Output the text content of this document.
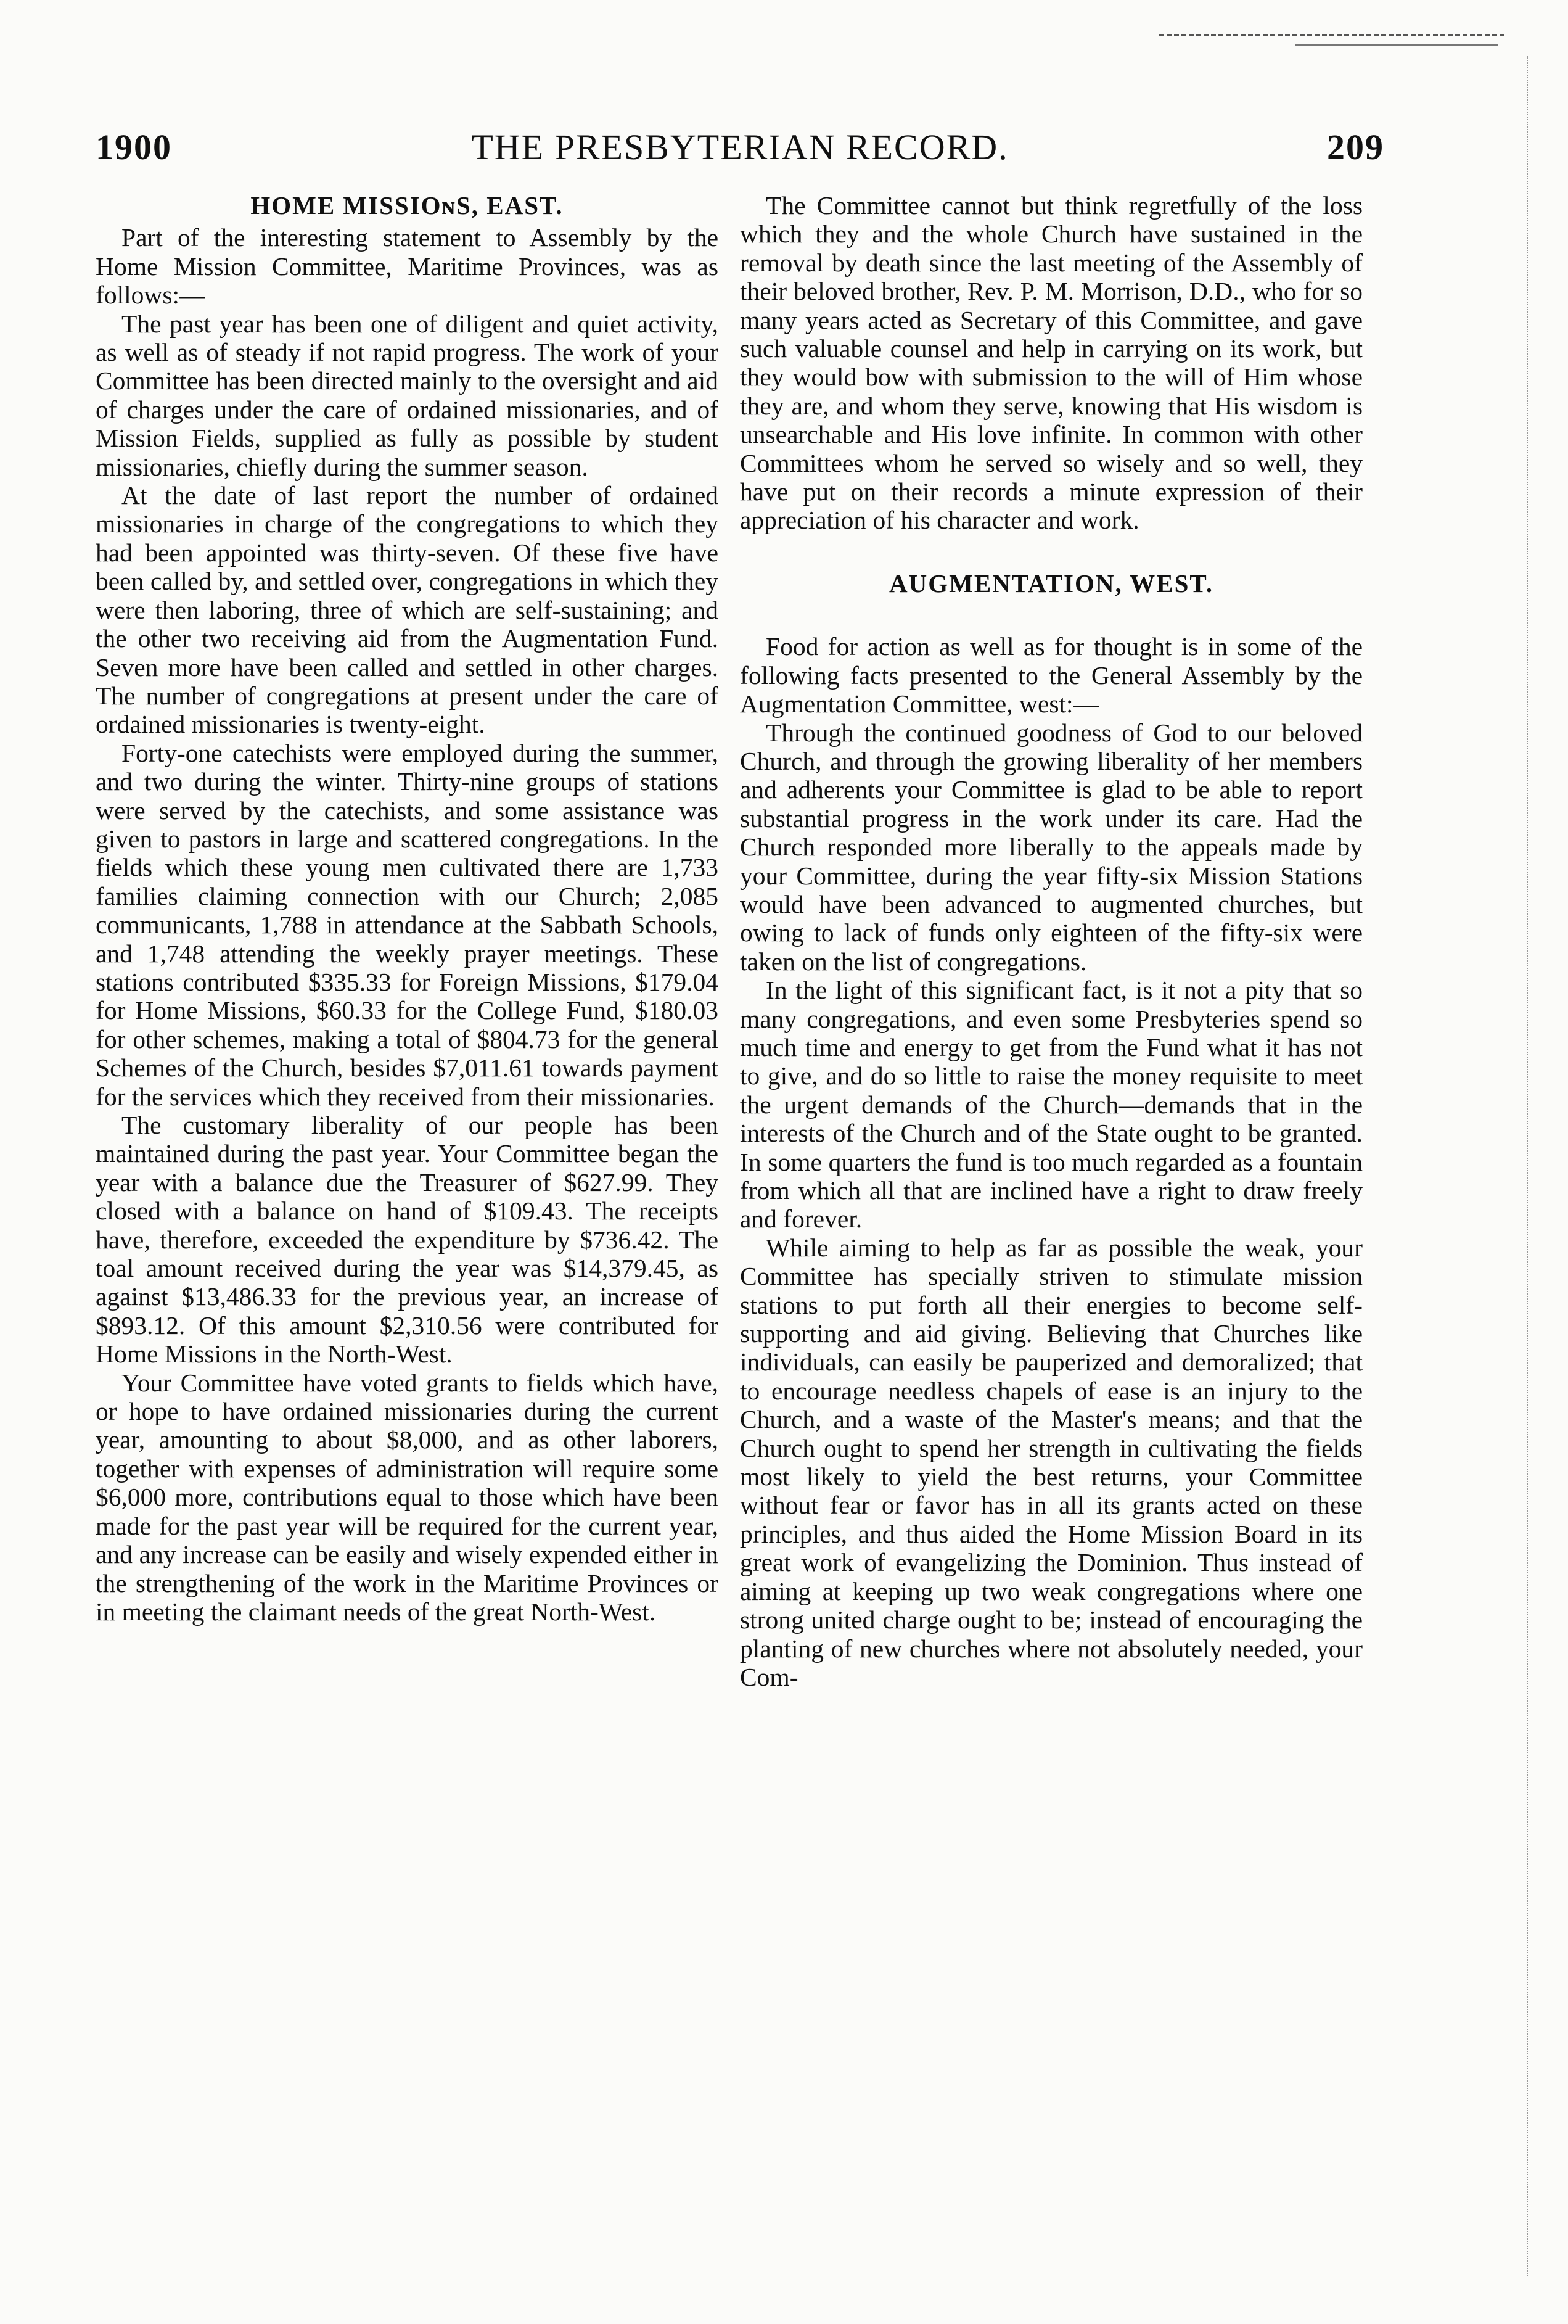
1900	THE PRESBYTERIAN RECORD.	209
HOME MISSIOɴS, EAST.

Part of the interesting statement to Assembly by the Home Mission Committee, Maritime Provinces, was as follows:—

The past year has been one of diligent and quiet activity, as well as of steady if not rapid progress. The work of your Committee has been directed mainly to the oversight and aid of charges under the care of ordained missionaries, and of Mission Fields, supplied as fully as possible by student missionaries, chiefly during the summer season.

At the date of last report the number of ordained missionaries in charge of the congregations to which they had been appointed was thirty-seven. Of these five have been called by, and settled over, congregations in which they were then laboring, three of which are self-sustaining; and the other two receiving aid from the Augmentation Fund. Seven more have been called and settled in other charges. The number of congregations at present under the care of ordained missionaries is twenty-eight.

Forty-one catechists were employed during the summer, and two during the winter. Thirty-nine groups of stations were served by the catechists, and some assistance was given to pastors in large and scattered congregations. In the fields which these young men cultivated there are 1,733 families claiming connection with our Church; 2,085 communicants, 1,788 in attendance at the Sabbath Schools, and 1,748 attending the weekly prayer meetings. These stations contributed $335.33 for Foreign Missions, $179.04 for Home Missions, $60.33 for the College Fund, $180.03 for other schemes, making a total of $804.73 for the general Schemes of the Church, besides $7,011.61 towards payment for the services which they received from their missionaries.

The customary liberality of our people has been maintained during the past year. Your Committee began the year with a balance due the Treasurer of $627.99. They closed with a balance on hand of $109.43. The receipts have, therefore, exceeded the expenditure by $736.42. The toal amount received during the year was $14,379.45, as against $13,486.33 for the previous year, an increase of $893.12. Of this amount $2,310.56 were contributed for Home Missions in the North-West.

Your Committee have voted grants to fields which have, or hope to have ordained missionaries during the current year, amounting to about $8,000, and as other laborers, together with expenses of administration will require some $6,000 more, contributions equal to those which have been made for the past year will be required for the current year, and any increase can be easily and wisely expended either in the strengthening of the work in the Maritime Provinces or in meeting the claimant needs of the great North-West.

The Committee cannot but think regretfully of the loss which they and the whole Church have sustained in the removal by death since the last meeting of the Assembly of their beloved brother, Rev. P. M. Morrison, D.D., who for so many years acted as Secretary of this Committee, and gave such valuable counsel and help in carrying on its work, but they would bow with submission to the will of Him whose they are, and whom they serve, knowing that His wisdom is unsearchable and His love infinite. In common with other Committees whom he served so wisely and so well, they have put on their records a minute expression of their appreciation of his character and work.

AUGMENTATION, WEST.

Food for action as well as for thought is in some of the following facts presented to the General Assembly by the Augmentation Committee, west:—

Through the continued goodness of God to our beloved Church, and through the growing liberality of her members and adherents your Committee is glad to be able to report substantial progress in the work under its care. Had the Church responded more liberally to the appeals made by your Committee, during the year fifty-six Mission Stations would have been advanced to augmented churches, but owing to lack of funds only eighteen of the fifty-six were taken on the list of congregations.

In the light of this significant fact, is it not a pity that so many congregations, and even some Presbyteries spend so much time and energy to get from the Fund what it has not to give, and do so little to raise the money requisite to meet the urgent demands of the Church—demands that in the interests of the Church and of the State ought to be granted. In some quarters the fund is too much regarded as a fountain from which all that are inclined have a right to draw freely and forever.

While aiming to help as far as possible the weak, your Committee has specially striven to stimulate mission stations to put forth all their energies to become self-supporting and aid giving. Believing that Churches like individuals, can easily be pauperized and demoralized; that to encourage needless chapels of ease is an injury to the Church, and a waste of the Master's means; and that the Church ought to spend her strength in cultivating the fields most likely to yield the best returns, your Committee without fear or favor has in all its grants acted on these principles, and thus aided the Home Mission Board in its great work of evangelizing the Dominion. Thus instead of aiming at keeping up two weak congregations where one strong united charge ought to be; instead of encouraging the planting of new churches where not absolutely needed, your Com-
